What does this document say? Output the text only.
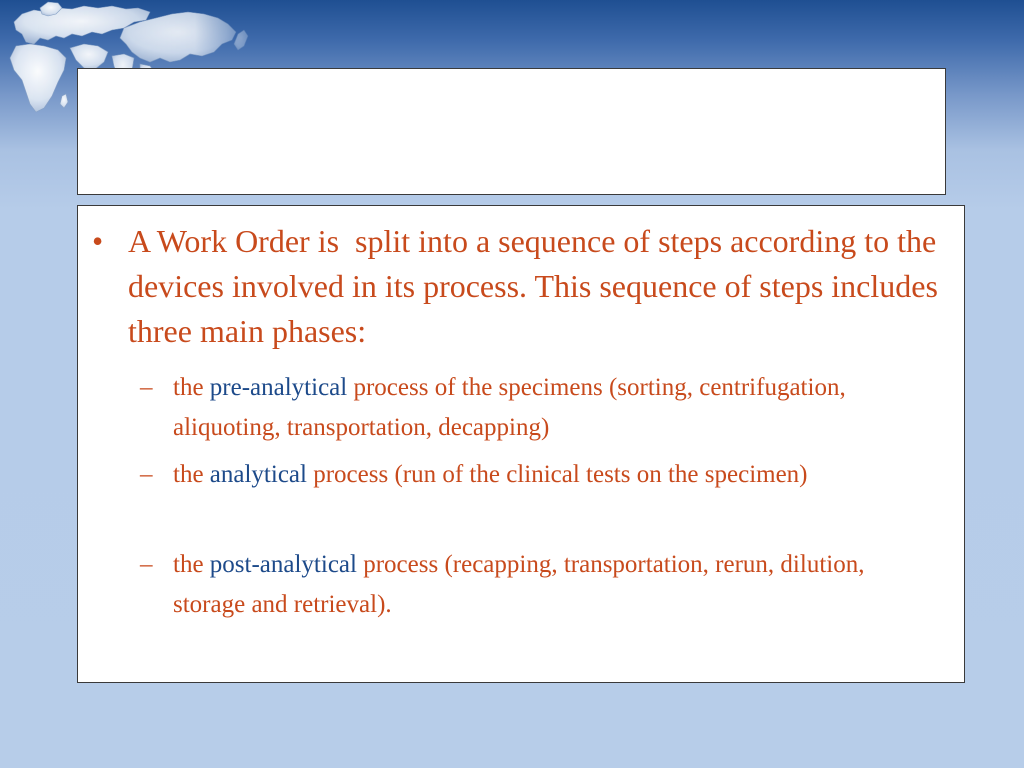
• A Work Order is  split into a sequence of steps according to the devices involved in its process. This sequence of steps includes three main phases:
– the pre-analytical process of the specimens (sorting, centrifugation, aliquoting, transportation, decapping)
– the analytical process (run of the clinical tests on the specimen)
– the post-analytical process (recapping, transportation, rerun, dilution, storage and retrieval).
